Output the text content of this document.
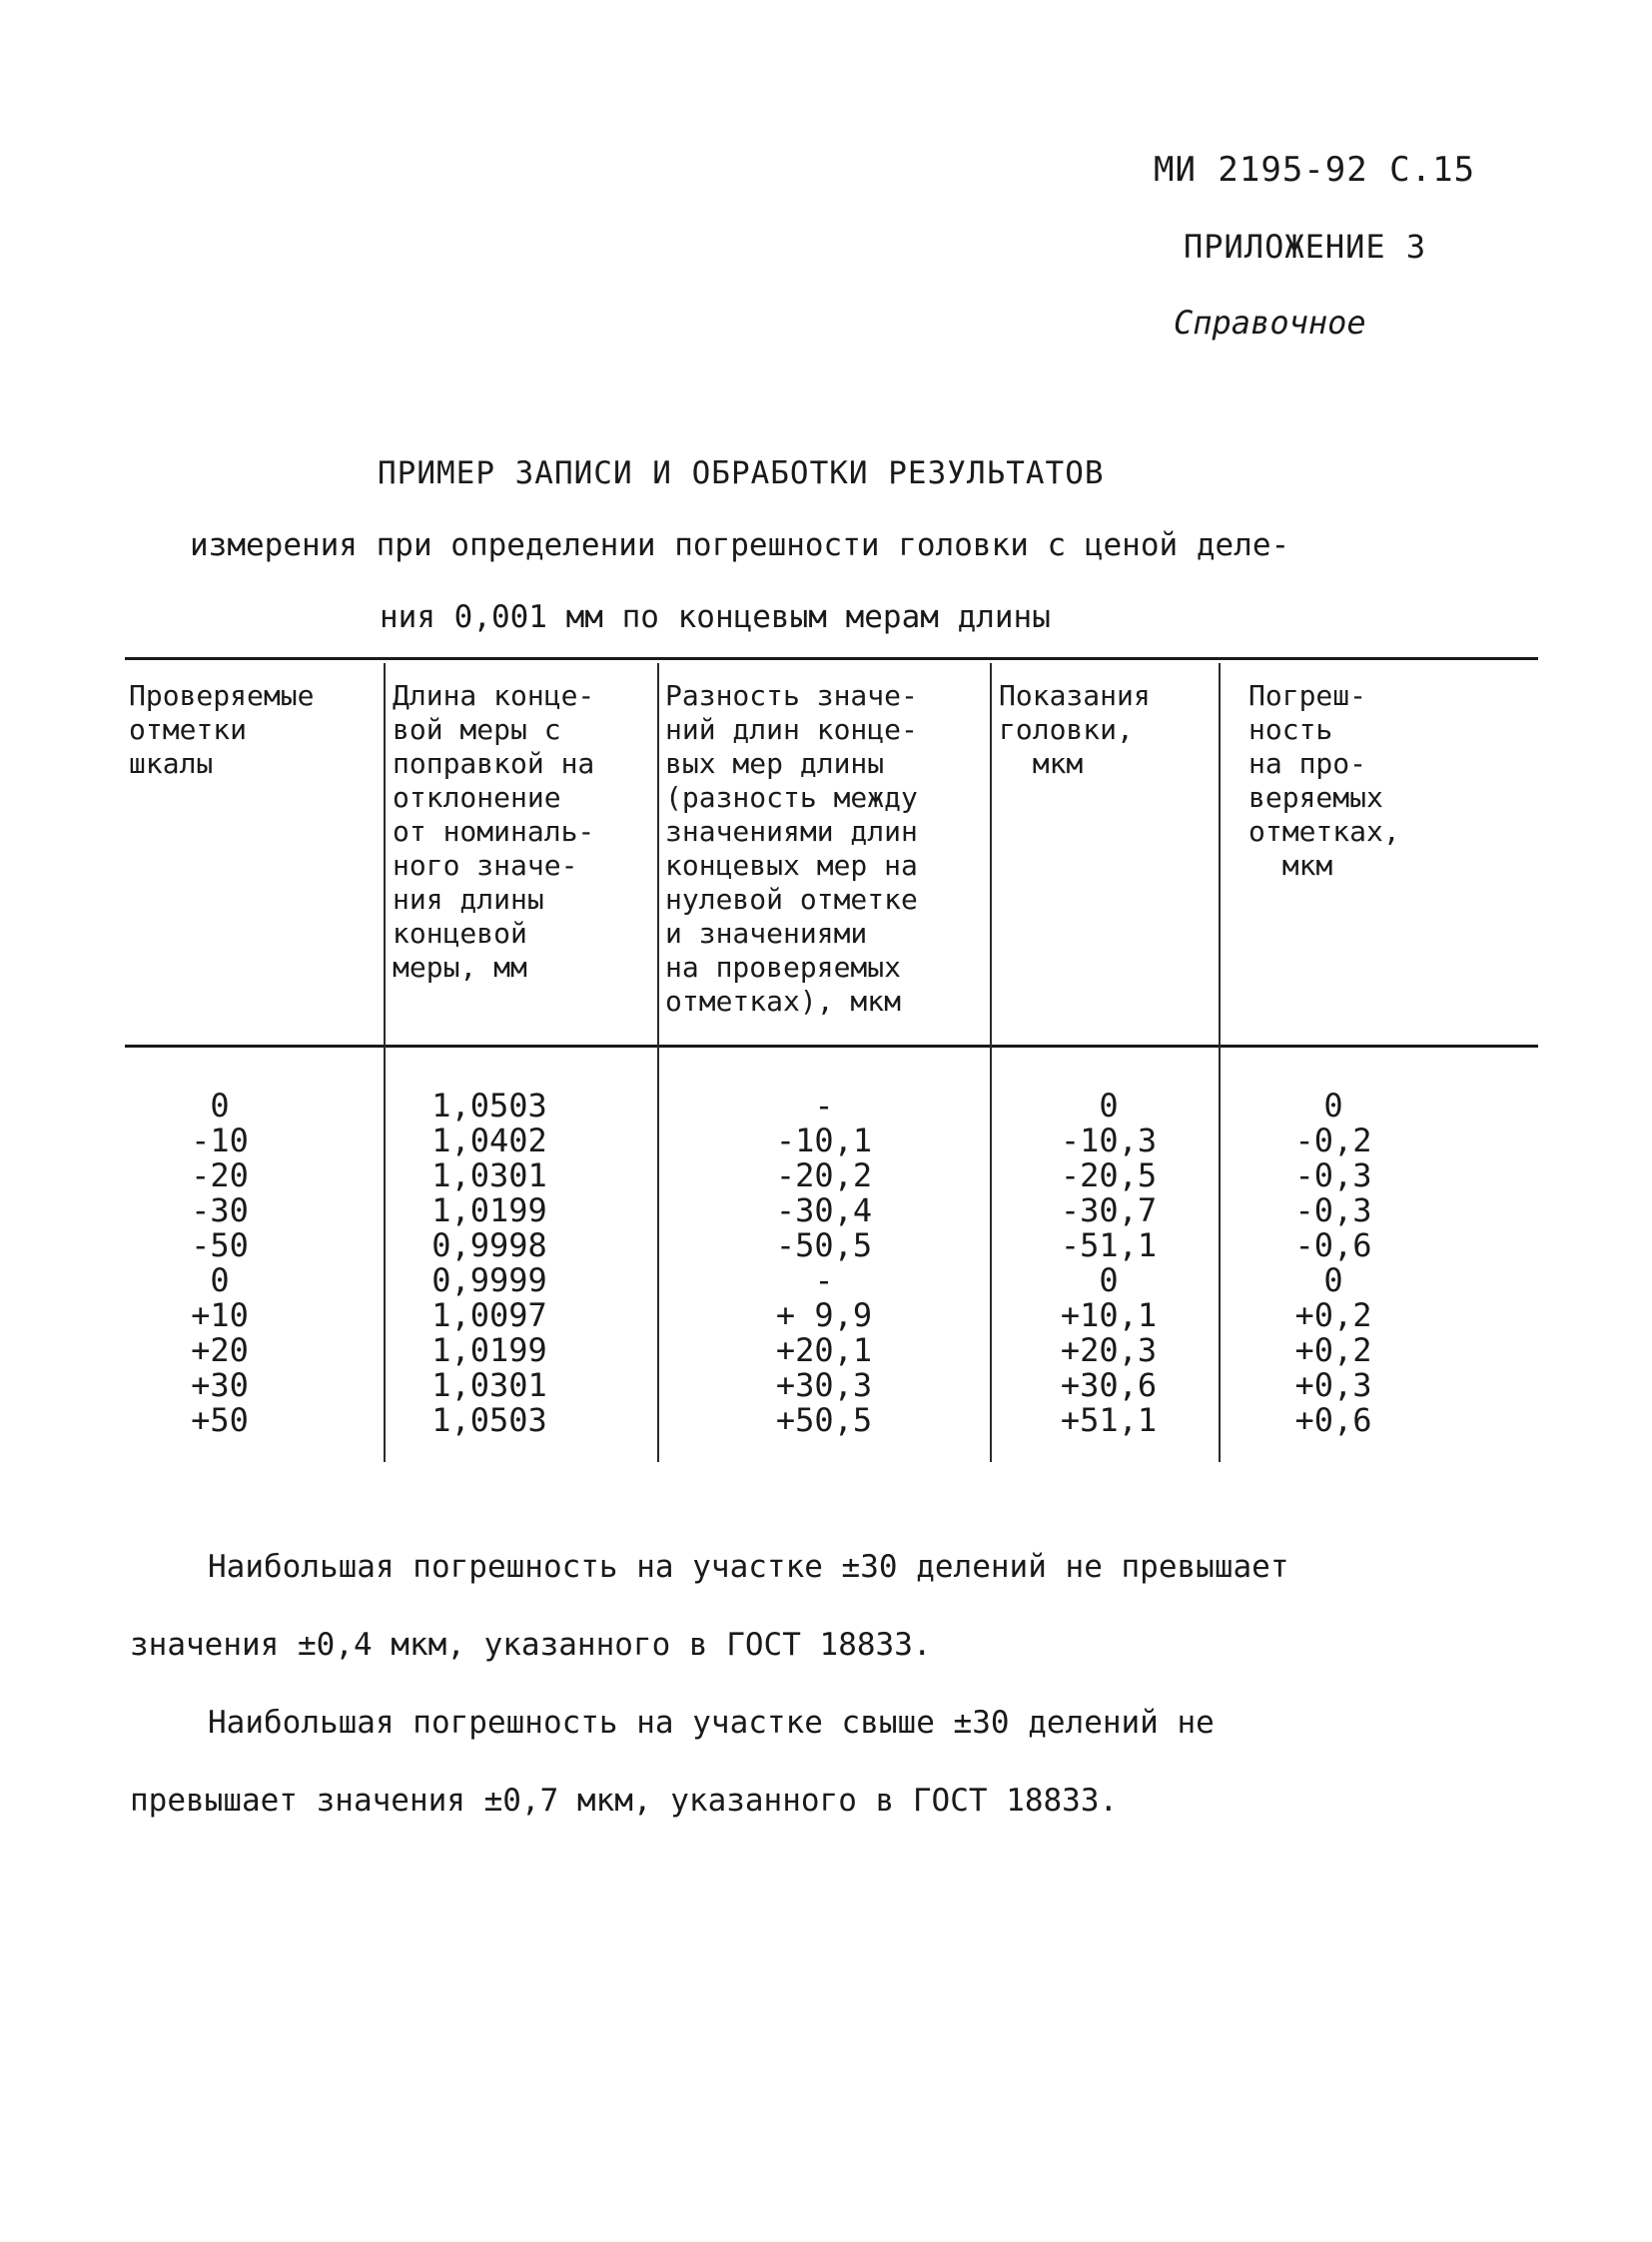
МИ 2195-92 С.15
ПРИЛОЖЕНИЕ 3
Справочное
ПРИМЕР ЗАПИСИ И ОБРАБОТКИ РЕЗУЛЬТАТОВ
измерения при определении погрешности головки с ценой деле-
ния 0,001 мм по концевым мерам длины
Проверяемые
отметки
шкалы
Длина конце-
вой меры с
поправкой на
отклонение
от номиналь-
ного значе-
ния длины
концевой
меры, мм
Разность значе-
ний длин конце-
вых мер длины
(разность между
значениями длин
концевых мер на
нулевой отметке
и значениями
на проверяемых
отметках), мкм
Показания
головки,
мкм
Погреш-
ность
на про-
веряемых
отметках,
мкм
0
-10
-20
-30
-50
0
+10
+20
+30
+50
1,0503
1,0402
1,0301
1,0199
0,9998
0,9999
1,0097
1,0199
1,0301
1,0503
-
-10,1
-20,2
-30,4
-50,5
-
+ 9,9
+20,1
+30,3
+50,5
0
-10,3
-20,5
-30,7
-51,1
0
+10,1
+20,3
+30,6
+51,1
0
-0,2
-0,3
-0,3
-0,6
0
+0,2
+0,2
+0,3
+0,6
Наибольшая погрешность на участке ±30 делений не превышает
значения ±0,4 мкм, указанного в ГОСТ 18833.
Наибольшая погрешность на участке свыше ±30 делений не
превышает значения ±0,7 мкм, указанного в ГОСТ 18833.
